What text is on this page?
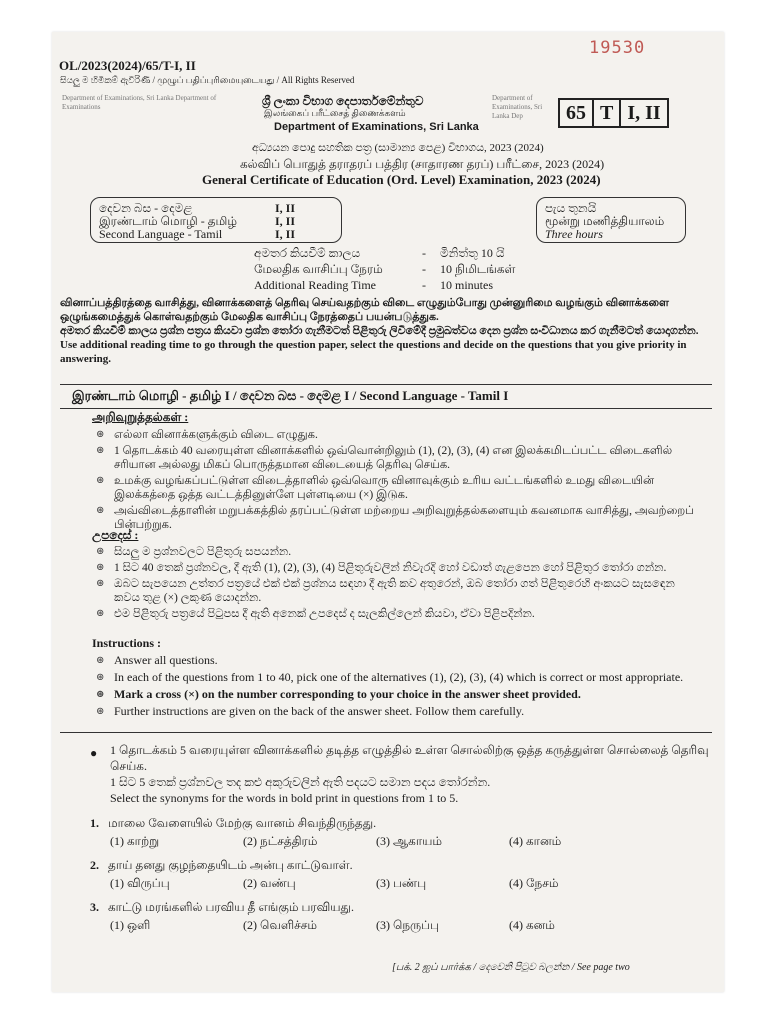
19530
OL/2023(2024)/65/T-I, II
සියලු ම හිමිකම් ඇවිරිණි / முழுப் பதிப்புரிமையுடையது / All Rights Reserved
Department of Examinations, Sri Lanka Department of Examinations
Department of Examinations, Sri Lanka Dep
ශ්‍රී ලංකා විභාග දෙපාර්තමේන්තුව
இலங்கைப் பரீட்சைத் திணைக்களம்
Department of Examinations, Sri Lanka
65 T I, II
අධ්‍යයන පොදු සහතික පත්‍ර (සාමාන්‍ය පෙළ) විභාගය, 2023 (2024)
கல்விப் பொதுத் தராதரப் பத்திர (சாதாரண தரப்) பரீட்சை, 2023 (2024)
General Certificate of Education (Ord. Level) Examination, 2023 (2024)
දෙවන බස - දෙමළ	I, II
இரண்டாம் மொழி - தமிழ்	I, II
Second Language - Tamil	I, II
පැය තුනයි
மூன்று மணித்தியாலம்
Three hours
අමතර කියවීම් කාලය	-	මිනිත්තු 10 යි
மேலதிக வாசிப்பு நேரம்	-	10 நிமிடங்கள்
Additional Reading Time	-	10 minutes
வினாப்பத்திரத்தை வாசித்து, வினாக்களைத் தெரிவு செய்வதற்கும் விடை எழுதும்போது முன்னுரிமை வழங்கும் வினாக்களை ஒழுங்கமைத்துக் கொள்வதற்கும் மேலதிக வாசிப்பு நேரத்தைப் பயன்படுத்துக.
අමතර කියවීම් කාලය ප්‍රශ්න පත්‍රය කියවා ප්‍රශ්න තෝරා ගැනීමටත් පිළිතුරු ලිවීමේදී ප්‍රමුඛත්වය දෙන ප්‍රශ්න සංවිධානය කර ගැනීමටත් යොදාගන්න.
Use additional reading time to go through the question paper, select the questions and decide on the questions that you give priority in answering.
இரண்டாம் மொழி - தமிழ் I / දෙවන බස - දෙමළ I / Second Language - Tamil I
அறிவுறுத்தல்கள் :
⊛ எல்லா வினாக்களுக்கும் விடை எழுதுக.
⊛ 1 தொடக்கம் 40 வரையுள்ள வினாக்களில் ஒவ்வொன்றிலும் (1), (2), (3), (4) என இலக்கமிடப்பட்ட விடைகளில் சரியான அல்லது மிகப் பொருத்தமான விடையைத் தெரிவு செய்க.
⊛ உமக்கு வழங்கப்பட்டுள்ள விடைத்தாளில் ஒவ்வொரு வினாவுக்கும் உரிய வட்டங்களில் உமது விடையின் இலக்கத்தை ஒத்த வட்டத்தினுள்ளே புள்ளடியை (×) இடுக.
⊛ அவ்விடைத்தாளின் மறுபக்கத்தில் தரப்பட்டுள்ள மற்றைய அறிவுறுத்தல்களையும் கவனமாக வாசித்து, அவற்றைப் பின்பற்றுக.
උපදෙස් :
⊛ සියලු ම ප්‍රශ්නවලට පිළිතුරු සපයන්න.
⊛ 1 සිට 40 තෙක් ප්‍රශ්නවල, දී ඇති (1), (2), (3), (4) පිළිතුරුවලින් නිවැරදි හෝ වඩාත් ගැළපෙන හෝ පිළිතුර තෝරා ගන්න.
⊛ ඔබට සැපයෙන උත්තර පත්‍රයේ එක් එක් ප්‍රශ්නය සඳහා දී ඇති කව අතුරෙන්, ඔබ තෝරා ගත් පිළිතුරෙහි අංකයට සැසඳෙන කවය තුළ (×) ලකුණ යොදන්න.
⊛ එම පිළිතුරු පත්‍රයේ පිටුපස දී ඇති අනෙක් උපදෙස් ද සැලකිල්ලෙන් කියවා, ඒවා පිළිපදින්න.
Instructions :
⊛ Answer all questions.
⊛ In each of the questions from 1 to 40, pick one of the alternatives (1), (2), (3), (4) which is correct or most appropriate.
⊛ Mark a cross (×) on the number corresponding to your choice in the answer sheet provided.
⊛ Further instructions are given on the back of the answer sheet. Follow them carefully.
● 1 தொடக்கம் 5 வரையுள்ள வினாக்களில் தடித்த எழுத்தில் உள்ள சொல்லிற்கு ஒத்த கருத்துள்ள சொல்லைத் தெரிவு செய்க.
1 සිට 5 තෙක් ප්‍රශ්නවල තද කළු අකුරුවලින් ඇති පදයට සමාන පදය තෝරන්න.
Select the synonyms for the words in bold print in questions from 1 to 5.
1. மாலை வேளையில் மேற்கு வானம் சிவந்திருந்தது.
(1) காற்று	(2) நட்சத்திரம்	(3) ஆகாயம்	(4) கானம்
2. தாய் தனது குழந்தையிடம் அன்பு காட்டுவாள்.
(1) விருப்பு	(2) வண்பு	(3) பண்பு	(4) நேசம்
3. காட்டு மரங்களில் பரவிய தீ எங்கும் பரவியது.
(1) ஒளி	(2) வெளிச்சம்	(3) நெருப்பு	(4) கனம்
[பக். 2 ஐப் பார்க்க / දෙවෙනි පිටුව බලන්න / See page two
